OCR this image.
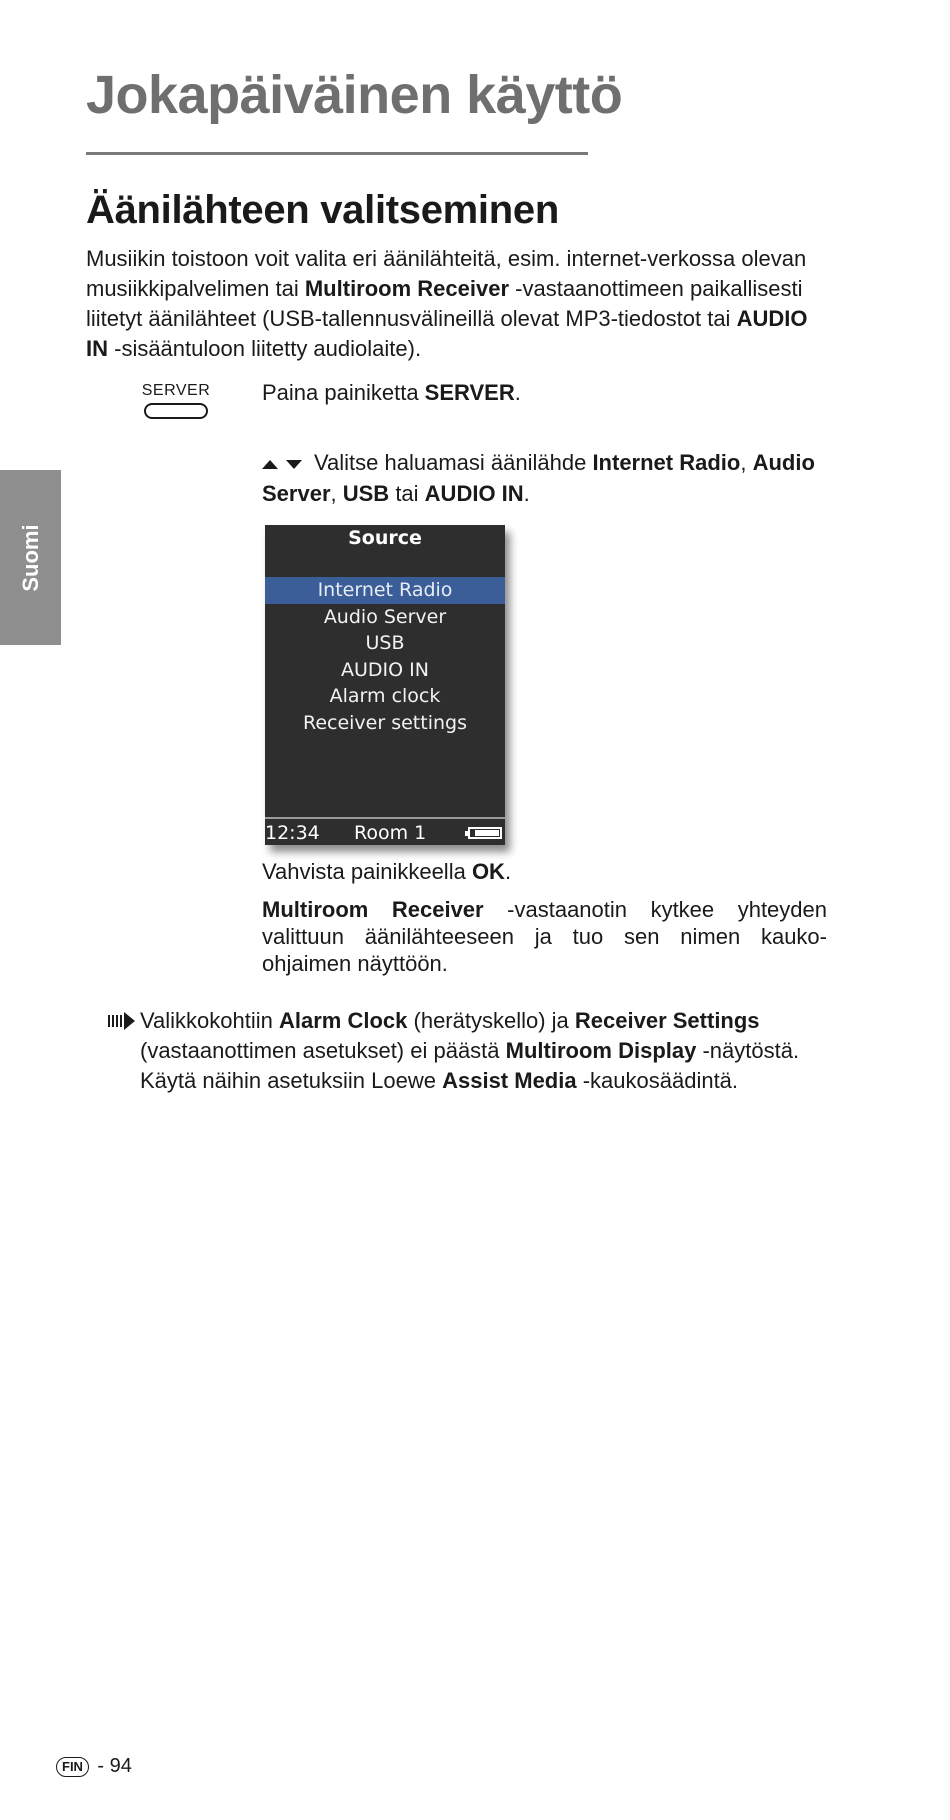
Jokapäiväinen käyttö
Äänilähteen valitseminen
Suomi

Musiikin toistoon voit valita eri äänilähteitä, esim. internet-verkossa olevan musiikkipalvelimen tai Multiroom Receiver -vastaanottimeen paikallisesti liitetyt äänilähteet (USB-tallennusvälineillä olevat MP3-tiedostot tai AUDIO IN -sisääntuloon liitetty audiolaite).

SERVER Paina painiketta SERVER.

Valitse haluamasi äänilähde Internet Radio, Audio Server, USB tai AUDIO IN.

Source
Internet Radio
Audio Server
USB
AUDIO IN
Alarm clock
Receiver settings
12:34 Room 1

Vahvista painikkeella OK.

Multiroom Receiver -vastaanotin kytkee yhteyden valittuun äänilähteeseen ja tuo sen nimen kauko-ohjaimen näyttöön.

Valikkokohtiin Alarm Clock (herätyskello) ja Receiver Settings (vastaanottimen asetukset) ei päästä Multiroom Display -näytöstä. Käytä näihin asetuksiin Loewe Assist Media -kaukosäädintä.

FIN - 94
